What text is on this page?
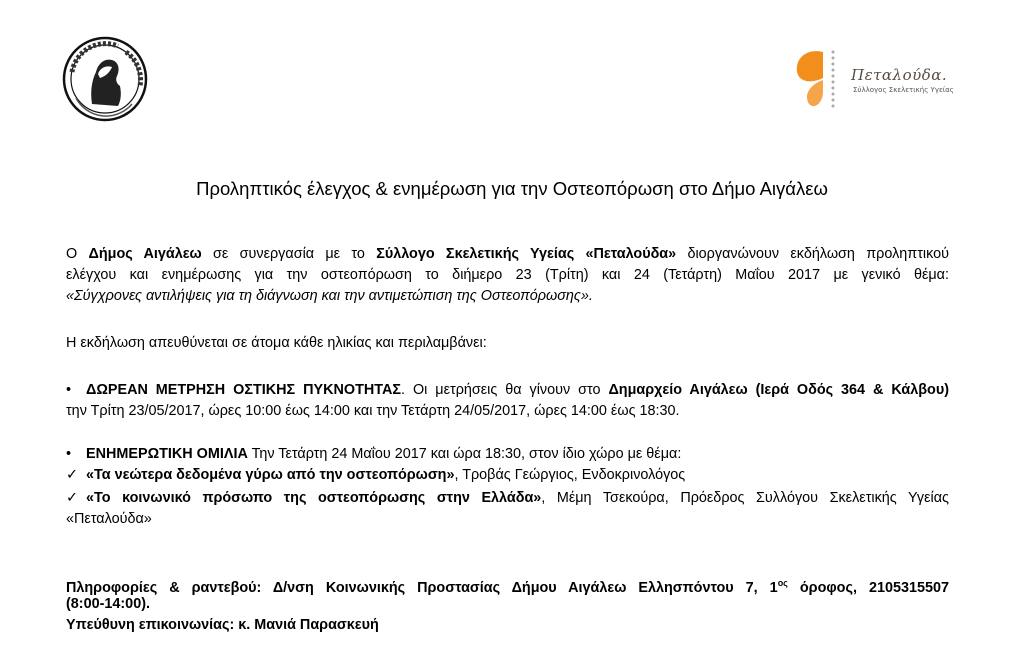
Πεταλούδα.
Σύλλογος Σκελετικής Υγείας
Προληπτικός έλεγχος & ενημέρωση για την Οστεοπόρωση στο Δήμο Αιγάλεω
Ο Δήμος Αιγάλεω σε συνεργασία με το Σύλλογο Σκελετικής Υγείας «Πεταλούδα» διοργανώνουν εκδήλωση προληπτικού
ελέγχου και ενημέρωσης για την οστεοπόρωση το διήμερο 23 (Τρίτη) και 24 (Τετάρτη) Μαΐου 2017 με γενικό θέμα:
«Σύγχρονες αντιλήψεις για τη διάγνωση και την αντιμετώπιση της Οστεοπόρωσης».
Η εκδήλωση απευθύνεται σε άτομα κάθε ηλικίας και περιλαμβάνει:
• ΔΩΡΕΑΝ ΜΕΤΡΗΣΗ ΟΣΤΙΚΗΣ ΠΥΚΝΟΤΗΤΑΣ. Οι μετρήσεις θα γίνουν στο Δημαρχείο Αιγάλεω (Ιερά Οδός 364 & Κάλβου)
την Τρίτη 23/05/2017, ώρες 10:00 έως 14:00 και την Τετάρτη 24/05/2017, ώρες 14:00 έως 18:30.
• ΕΝΗΜΕΡΩΤΙΚΗ ΟΜΙΛΙΑ Την Τετάρτη 24 Μαΐου 2017 και ώρα 18:30, στον ίδιο χώρο με θέμα:
✓ «Τα νεώτερα δεδομένα γύρω από την οστεοπόρωση», Τροβάς Γεώργιος, Ενδοκρινολόγος
✓ «Το κοινωνικό πρόσωπο της οστεοπόρωσης στην Ελλάδα», Μέμη Τσεκούρα, Πρόεδρος Συλλόγου Σκελετικής Υγείας
«Πεταλούδα»
Πληροφορίες & ραντεβού: Δ/νση Κοινωνικής Προστασίας Δήμου Αιγάλεω Ελλησπόντου 7, $1^{o\varsigma}$ όροφος, 2105315507
(8:00-14:00).
Υπεύθυνη επικοινωνίας: κ. Μανιά Παρασκευή
